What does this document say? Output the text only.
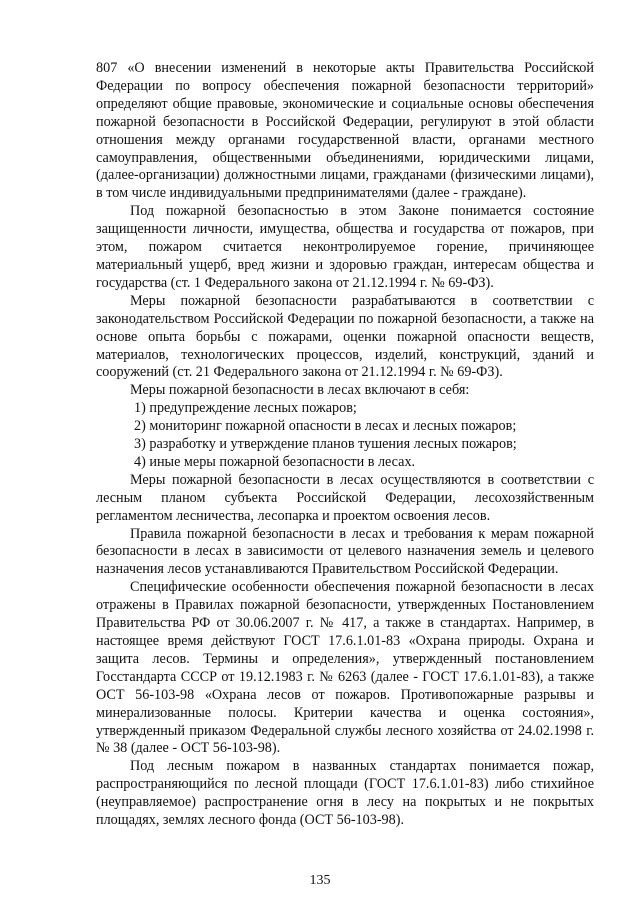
807 «О внесении изменений в некоторые акты Правительства Российской Федерации по вопросу обеспечения пожарной безопасности территорий» определяют общие правовые, экономические и социальные основы обеспечения пожарной безопасности в Российской Федерации, регулируют в этой области отношения между органами государственной власти, органами местного самоуправления, общественными объединениями, юридическими лицами, (далее-организации) должностными лицами, гражданами (физическими лицами), в том числе индивидуальными предпринимателями (далее - граждане).

Под пожарной безопасностью в этом Законе понимается состояние защищенности личности, имущества, общества и государства от пожаров, при этом, пожаром считается неконтролируемое горение, причиняющее материальный ущерб, вред жизни и здоровью граждан, интересам общества и государства (ст. 1 Федерального закона от 21.12.1994 г. № 69-ФЗ).

Меры пожарной безопасности разрабатываются в соответствии с законодательством Российской Федерации по пожарной безопасности, а также на основе опыта борьбы с пожарами, оценки пожарной опасности веществ, материалов, технологических процессов, изделий, конструкций, зданий и сооружений (ст. 21 Федерального закона от 21.12.1994 г. № 69-ФЗ).

Меры пожарной безопасности в лесах включают в себя:

1) предупреждение лесных пожаров;

2) мониторинг пожарной опасности в лесах и лесных пожаров;

3) разработку и утверждение планов тушения лесных пожаров;

4) иные меры пожарной безопасности в лесах.

Меры пожарной безопасности в лесах осуществляются в соответствии с лесным планом субъекта Российской Федерации, лесохозяйственным регламентом лесничества, лесопарка и проектом освоения лесов.

Правила пожарной безопасности в лесах и требования к мерам пожарной безопасности в лесах в зависимости от целевого назначения земель и целевого назначения лесов устанавливаются Правительством Российской Федерации.

Специфические особенности обеспечения пожарной безопасности в лесах отражены в Правилах пожарной безопасности, утвержденных Постановлением Правительства РФ от 30.06.2007 г. № 417, а также в стандартах. Например, в настоящее время действуют ГОСТ 17.6.1.01-83 «Охрана природы. Охрана и защита лесов. Термины и определения», утвержденный постановлением Госстандарта СССР от 19.12.1983 г. № 6263 (далее - ГОСТ 17.6.1.01-83), а также ОСТ 56-103-98 «Охрана лесов от пожаров. Противопожарные разрывы и минерализованные полосы. Критерии качества и оценка состояния», утвержденный приказом Федеральной службы лесного хозяйства от 24.02.1998 г. № 38 (далее - ОСТ 56-103-98).

Под лесным пожаром в названных стандартах понимается пожар, распространяющийся по лесной площади (ГОСТ 17.6.1.01-83) либо стихийное (неуправляемое) распространение огня в лесу на покрытых и не покрытых площадях, землях лесного фонда (ОСТ 56-103-98).

135
